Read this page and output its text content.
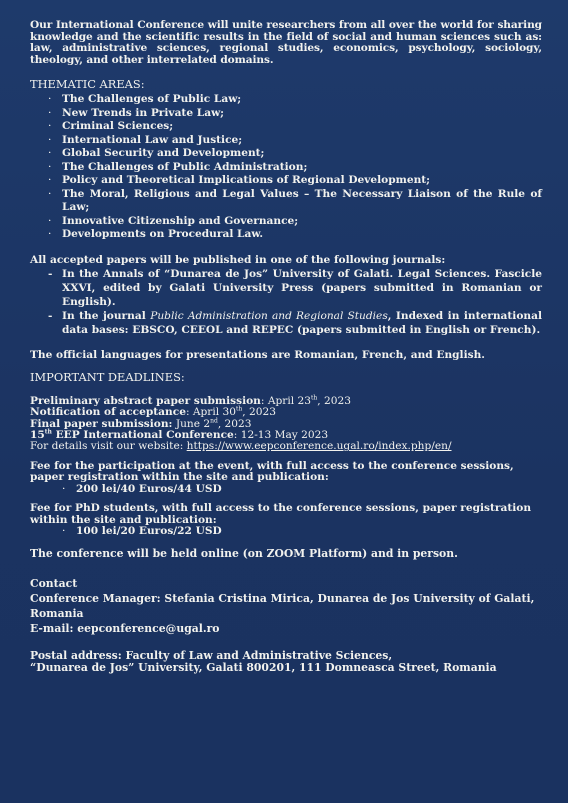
Our International Conference will unite researchers from all over the world for sharing knowledge and the scientific results in the field of social and human sciences such as: law, administrative sciences, regional studies, economics, psychology, sociology, theology, and other interrelated domains.

THEMATIC AREAS:
· The Challenges of Public Law;
· New Trends in Private Law;
· Criminal Sciences;
· International Law and Justice;
· Global Security and Development;
· The Challenges of Public Administration;
· Policy and Theoretical Implications of Regional Development;
· The Moral, Religious and Legal Values – The Necessary Liaison of the Rule of Law;
· Innovative Citizenship and Governance;
· Developments on Procedural Law.

All accepted papers will be published in one of the following journals:

- In the Annals of “Dunarea de Jos” University of Galati. Legal Sciences. Fascicle XXVI, edited by Galati University Press (papers submitted in Romanian or English).
- In the journal Public Administration and Regional Studies, Indexed in international data bases: EBSCO, CEEOL and REPEC (papers submitted in English or French).

The official languages for presentations are Romanian, French, and English.

IMPORTANT DEADLINES:
Preliminary abstract paper submission: April 23th, 2023
Notification of acceptance: April 30th, 2023
Final paper submission: June 2nd, 2023
15th EEP International Conference: 12-13 May 2023
For details visit our website: https://www.eepconference.ugal.ro/index.php/en/

Fee for the participation at the event, with full access to the conference sessions, paper registration within the site and publication:

· 200 lei/40 Euros/44 USD

Fee for PhD students, with full access to the conference sessions, paper registration within the site and publication:

· 100 lei/20 Euros/22 USD

The conference will be held online (on ZOOM Platform) and in person.

Contact
Conference Manager: Stefania Cristina Mirica, Dunarea de Jos University of Galati, Romania
E-mail: eepconference@ugal.ro
Postal address: Faculty of Law and Administrative Sciences,
“Dunarea de Jos” University, Galati 800201, 111 Domneasca Street, Romania
